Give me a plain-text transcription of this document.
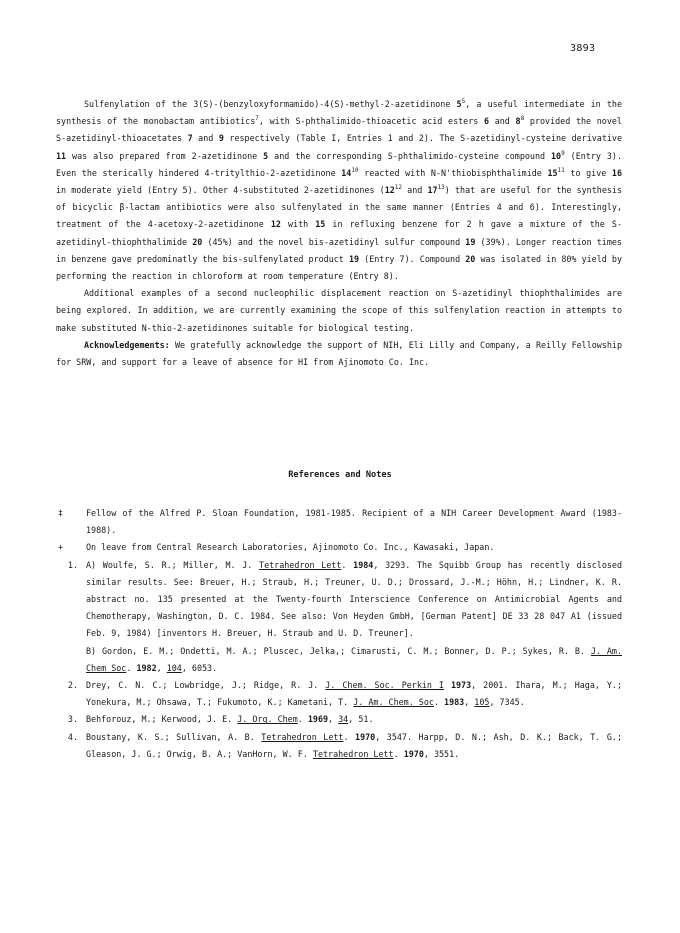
3893

Sulfenylation of the 3(S)-(benzyloxyformamido)-4(S)-methyl-2-azetidinone $5^5$, a useful intermediate in the synthesis of the monobactam antibiotics$^7$, with S-phthalimido-thioacetic acid esters 6 and $8^8$ provided the novel S-azetidinyl-thioacetates 7 and 9 respectively (Table I, Entries 1 and 2). The S-azetidinyl-cysteine derivative 11 was also prepared from 2-azetidinone 5 and the corresponding S-phthalimido-cysteine compound $10^9$ (Entry 3). Even the sterically hindered 4-tritylthio-2-azetidinone $14^{10}$ reacted with N-N'thiobisphthalimide $15^{11}$ to give 16 in moderate yield (Entry 5). Other 4-substituted 2-azetidinones ($12^{12}$ and $17^{13}$) that are useful for the synthesis of bicyclic β-lactam antibiotics were also sulfenylated in the same manner (Entries 4 and 6). Interestingly, treatment of the 4-acetoxy-2-azetidinone 12 with 15 in refluxing benzene for 2 h gave a mixture of the S-azetidinyl-thiophthalimide 20 (45%) and the novel bis-azetidinyl sulfur compound 19 (39%). Longer reaction times in benzene gave predominatly the bis-sulfenylated product 19 (Entry 7). Compound 20 was isolated in 80% yield by performing the reaction in chloroform at room temperature (Entry 8).

Additional examples of a second nucleophilic displacement reaction on S-azetidinyl thiophthalimides are being explored. In addition, we are currently examining the scope of this sulfenylation reaction in attempts to make substituted N-thio-2-azetidinones suitable for biological testing.

Acknowledgements: We gratefully acknowledge the support of NIH, Eli Lilly and Company, a Reilly Fellowship for SRW, and support for a leave of absence for HI from Ajinomoto Co. Inc.

References and Notes
‡	Fellow of the Alfred P. Sloan Foundation, 1981-1985. Recipient of a NIH Career Development Award (1983-1988).
+	On leave from Central Research Laboratories, Ajinomoto Co. Inc., Kawasaki, Japan.
1. A) Woulfe, S. R.; Miller, M. J. Tetrahedron Lett. 1984, 3293. The Squibb Group has recently disclosed similar results. See: Breuer, H.; Straub, H.; Treuner, U. D.; Drossard, J.-M.; Höhn, H.; Lindner, K. R. abstract no. 135 presented at the Twenty-fourth Interscience Conference on Antimicrobial Agents and Chemotherapy, Washington, D. C. 1984. See also: Von Heyden GmbH, [German Patent] DE 33 28 047 A1 (issued Feb. 9, 1984) [inventors H. Breuer, H. Straub and U. D. Treuner].
B) Gordon, E. M.; Ondetti, M. A.; Pluscec, Jelka,; Cimarusti, C. M.; Bonner, D. P.; Sykes, R. B. J. Am. Chem Soc. 1982, 104, 6053.
2. Drey, C. N. C.; Lowbridge, J.; Ridge, R. J. J. Chem. Soc. Perkin I 1973, 2001. Ihara, M.; Haga, Y.; Yonekura, M.; Ohsawa, T.; Fukumoto, K.; Kametani, T. J. Am. Chem. Soc. 1983, 105, 7345.
3. Behforouz, M.; Kerwood, J. E. J. Org. Chem. 1969, 34, 51.
4. Boustany, K. S.; Sullivan, A. B. Tetrahedron Lett. 1970, 3547. Harpp, D. N.; Ash, D. K.; Back, T. G.; Gleason, J. G.; Orwig, B. A.; VanHorn, W. F. Tetrahedron Lett. 1970, 3551.
